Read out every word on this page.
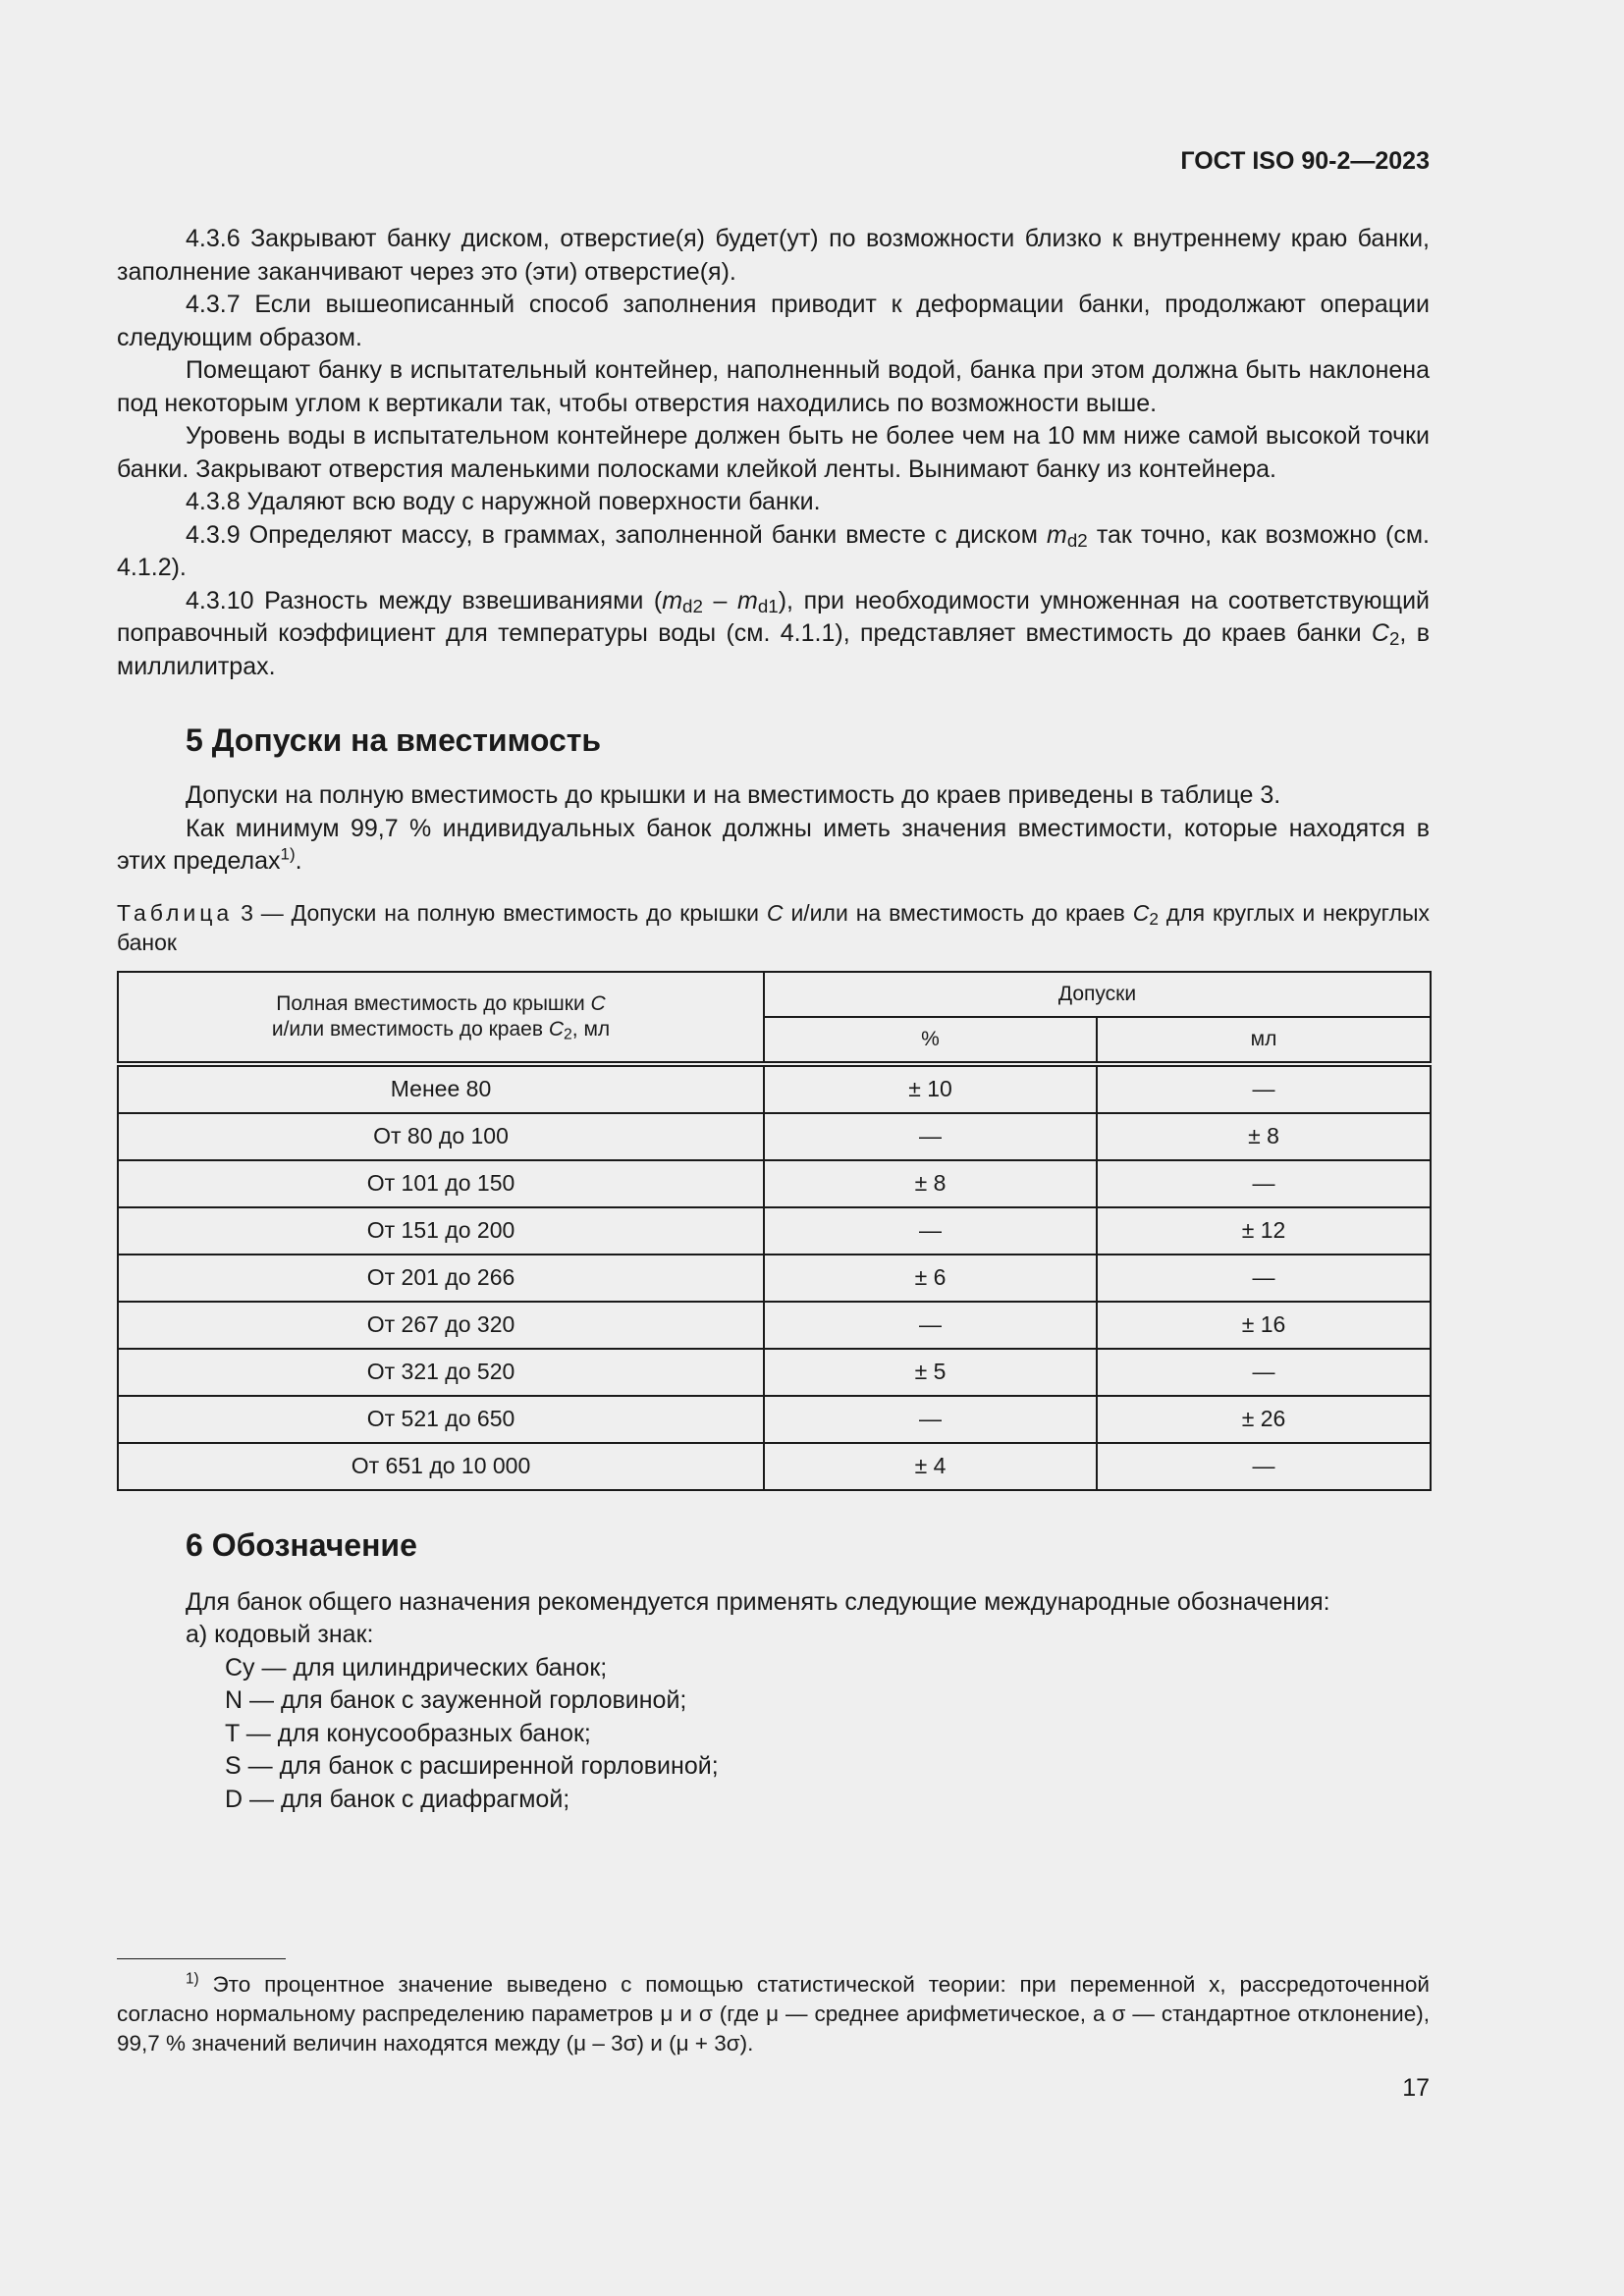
ГОСТ ISO 90-2—2023

4.3.6 Закрывают банку диском, отверстие(я) будет(ут) по возможности близко к внутреннему краю банки, заполнение заканчивают через это (эти) отверстие(я).

4.3.7 Если вышеописанный способ заполнения приводит к деформации банки, продолжают операции следующим образом.

Помещают банку в испытательный контейнер, наполненный водой, банка при этом должна быть наклонена под некоторым углом к вертикали так, чтобы отверстия находились по возможности выше.

Уровень воды в испытательном контейнере должен быть не более чем на 10 мм ниже самой высокой точки банки. Закрывают отверстия маленькими полосками клейкой ленты. Вынимают банку из контейнера.

4.3.8 Удаляют всю воду с наружной поверхности банки.

4.3.9 Определяют массу, в граммах, заполненной банки вместе с диском $m_{d2}$ так точно, как возможно (см. 4.1.2).

4.3.10 Разность между взвешиваниями $(m_{d2} - m_{d1})$, при необходимости умноженная на соответствующий поправочный коэффициент для температуры воды (см. 4.1.1), представляет вместимость до краев банки $C_2$, в миллилитрах.

5 Допуски на вместимость

Допуски на полную вместимость до крышки и на вместимость до краев приведены в таблице 3.

Как минимум 99,7 % индивидуальных банок должны иметь значения вместимости, которые находятся в этих пределах$^{1)}$.

Таблица 3 — Допуски на полную вместимость до крышки C и/или на вместимость до краев $C_2$ для круглых и некруглых банок
Полная вместимость до крышки C
и/или вместимость до краев $C_2$, мл	Допуски	
	%	мл
Менее 80	± 10	—
От 80 до 100	—	± 8
От 101 до 150	± 8	—
От 151 до 200	—	± 12
От 201 до 266	± 6	—
От 267 до 320	—	± 16
От 321 до 520	± 5	—
От 521 до 650	—	± 26
От 651 до 10 000	± 4	—
6 Обозначение

Для банок общего назначения рекомендуется применять следующие международные обозначения:

а) кодовый знак:
Cy — для цилиндрических банок;
N — для банок с зауженной горловиной;
T — для конусообразных банок;
S — для банок с расширенной горловиной;
D — для банок с диафрагмой;
$^{1)}$ Это процентное значение выведено с помощью статистической теории: при переменной x, рассредоточенной согласно нормальному распределению параметров μ и σ (где μ — среднее арифметическое, а σ — стандартное отклонение), 99,7 % значений величин находятся между (μ – 3σ) и (μ + 3σ).
17
